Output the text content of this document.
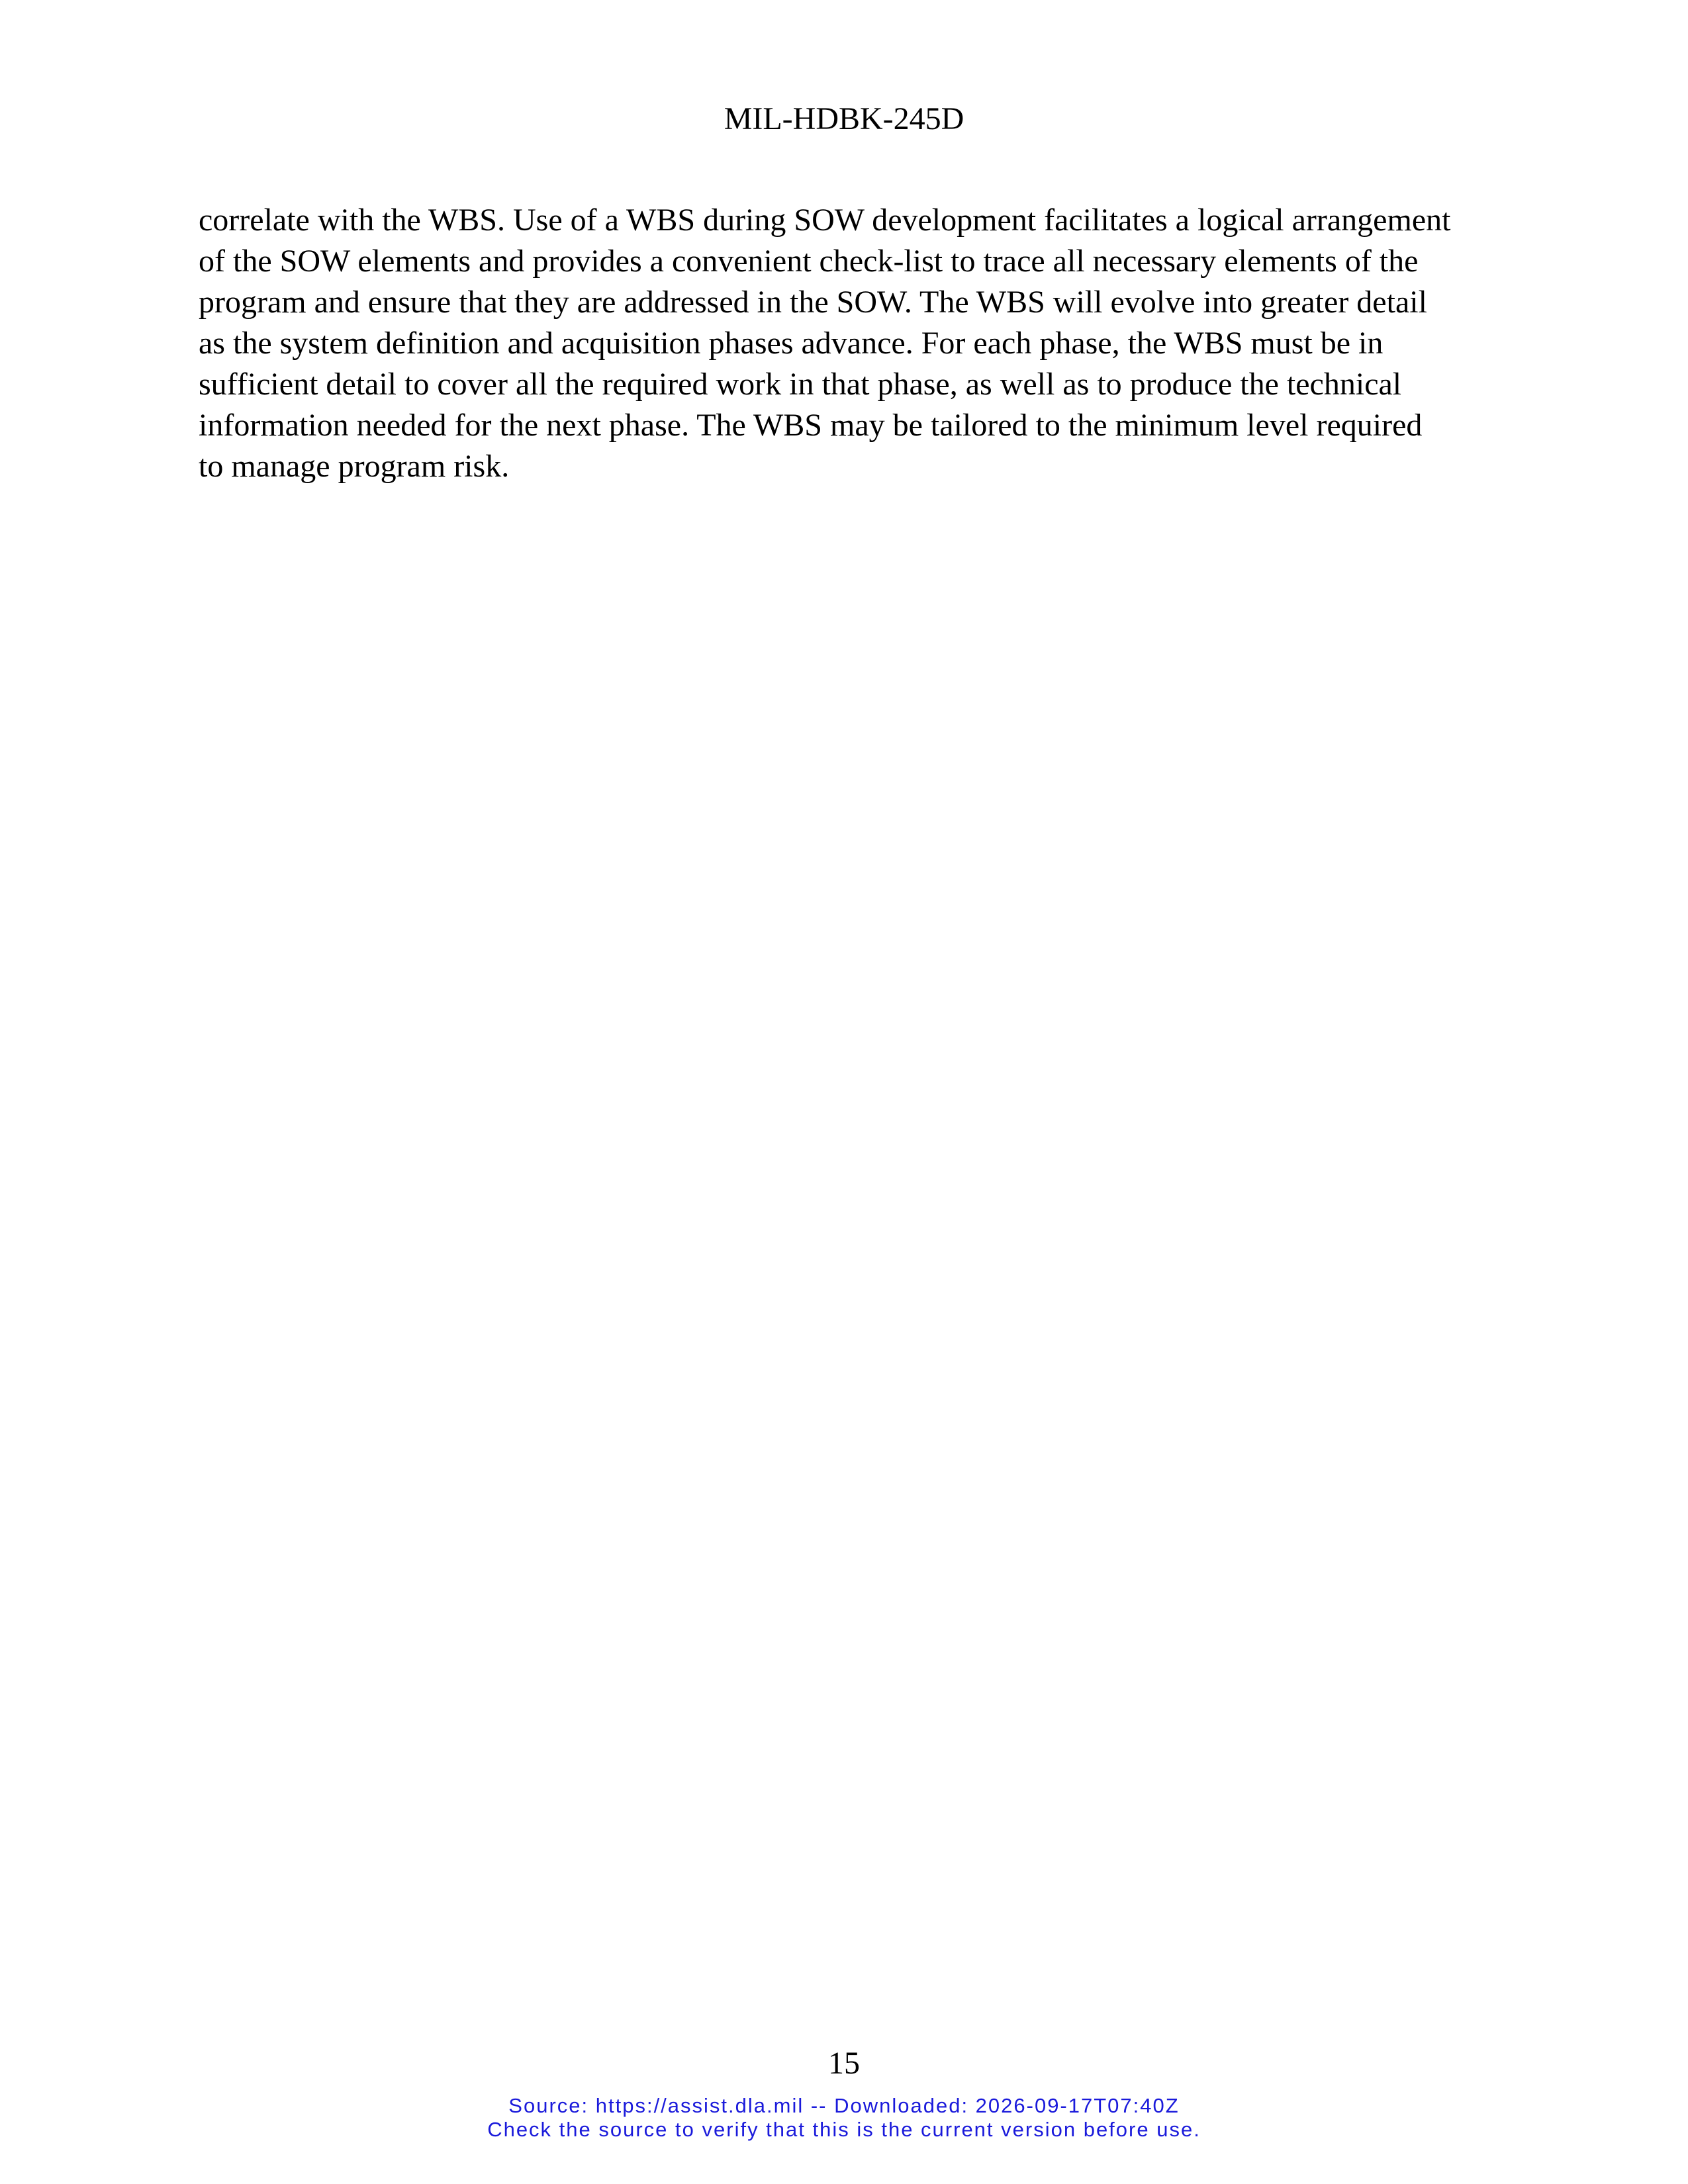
MIL-HDBK-245D
correlate with the WBS. Use of a WBS during SOW development facilitates a logical arrangement
of the SOW elements and provides a convenient check-list to trace all necessary elements of the
program and ensure that they are addressed in the SOW. The WBS will evolve into greater detail
as the system definition and acquisition phases advance. For each phase, the WBS must be in
sufficient detail to cover all the required work in that phase, as well as to produce the technical
information needed for the next phase. The WBS may be tailored to the minimum level required
to manage program risk.
15
Source: https://assist.dla.mil -- Downloaded: 2026-09-17T07:40Z
Check the source to verify that this is the current version before use.
